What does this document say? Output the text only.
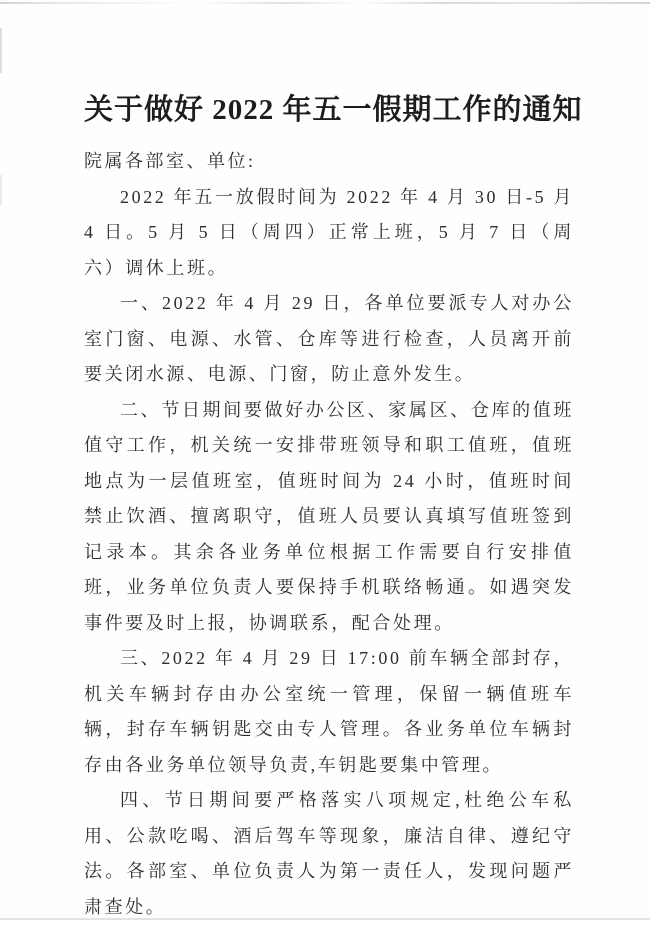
关于做好 2022 年五一假期工作的通知

院属各部室、单位:

2022 年五一放假时间为 2022 年 4 月 30 日-5 月 4 日。5 月 5 日（周四）正常上班，5 月 7 日（周六）调休上班。

一、2022 年 4 月 29 日，各单位要派专人对办公室门窗、电源、水管、仓库等进行检查，人员离开前要关闭水源、电源、门窗，防止意外发生。

二、节日期间要做好办公区、家属区、仓库的值班值守工作，机关统一安排带班领导和职工值班，值班地点为一层值班室，值班时间为 24 小时，值班时间禁止饮酒、擅离职守，值班人员要认真填写值班签到记录本。其余各业务单位根据工作需要自行安排值班，业务单位负责人要保持手机联络畅通。如遇突发事件要及时上报，协调联系，配合处理。

三、2022 年 4 月 29 日 17:00 前车辆全部封存，机关车辆封存由办公室统一管理，保留一辆值班车辆，封存车辆钥匙交由专人管理。各业务单位车辆封存由各业务单位领导负责,车钥匙要集中管理。

四、节日期间要严格落实八项规定,杜绝公车私用、公款吃喝、酒后驾车等现象，廉洁自律、遵纪守法。各部室、单位负责人为第一责任人，发现问题严肃查处。
